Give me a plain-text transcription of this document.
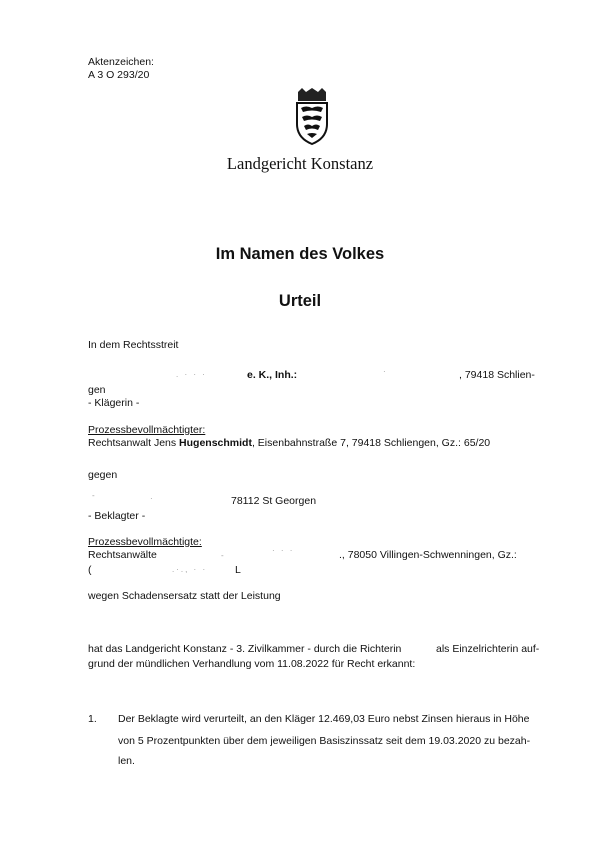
Aktenzeichen:
A 3 O 293/20
Landgericht Konstanz
Im Namen des Volkes
Urteil
In dem Rechtsstreit
. · · ·	e. K., Inh.:	·	, 79418 Schlien-
gen
- Klägerin -
Prozessbevollmächtigter:
Rechtsanwalt Jens Hugenschmidt, Eisenbahnstraße 7, 79418 Schliengen, Gz.: 65/20
gegen
-	·	78112 St Georgen
- Beklagter -
Prozessbevollmächtigte:
Rechtsanwälte	-
· · ·	., 78050 Villingen-Schwenningen, Gz.:
(	.·., · ·	L
wegen Schadensersatz statt der Leistung
hat das Landgericht Konstanz - 3. Zivilkammer - durch die Richterin	als Einzelrichterin auf-
grund der mündlichen Verhandlung vom 11.08.2022 für Recht erkannt:
1. Der Beklagte wird verurteilt, an den Kläger 12.469,03 Euro nebst Zinsen hieraus in Höhe
von 5 Prozentpunkten über dem jeweiligen Basiszinssatz seit dem 19.03.2020 zu bezah-
len.
